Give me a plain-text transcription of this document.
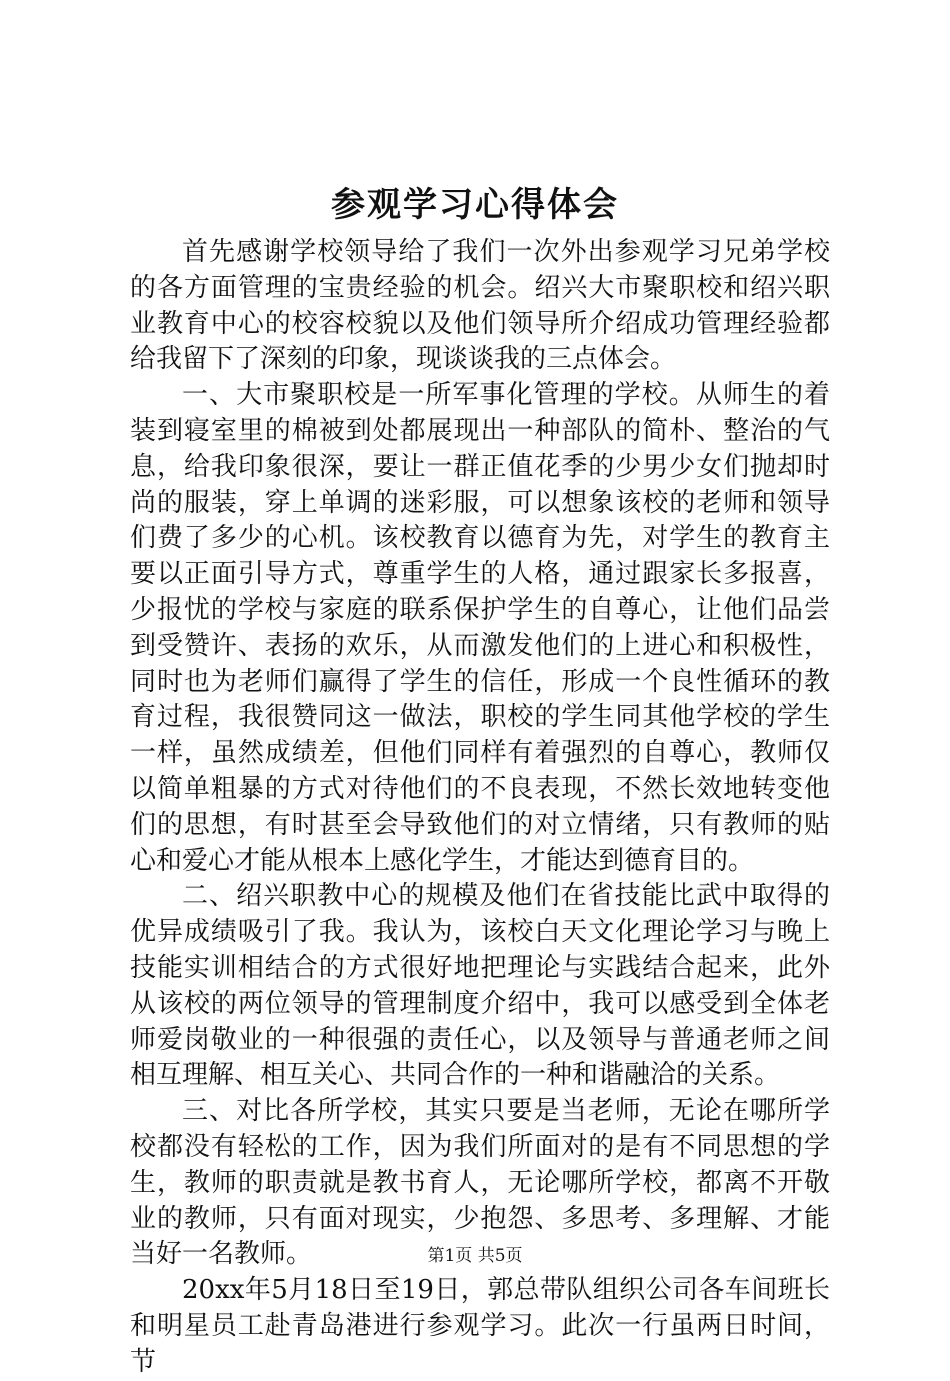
参观学习心得体会

首先感谢学校领导给了我们一次外出参观学习兄弟学校的各方面管理的宝贵经验的机会。绍兴大市聚职校和绍兴职业教育中心的校容校貌以及他们领导所介绍成功管理经验都给我留下了深刻的印象，现谈谈我的三点体会。

一、大市聚职校是一所军事化管理的学校。从师生的着装到寝室里的棉被到处都展现出一种部队的简朴、整治的气息，给我印象很深，要让一群正值花季的少男少女们抛却时尚的服装，穿上单调的迷彩服，可以想象该校的老师和领导们费了多少的心机。该校教育以德育为先，对学生的教育主要以正面引导方式，尊重学生的人格，通过跟家长多报喜，少报忧的学校与家庭的联系保护学生的自尊心，让他们品尝到受赞许、表扬的欢乐，从而激发他们的上进心和积极性，同时也为老师们赢得了学生的信任，形成一个良性循环的教育过程，我很赞同这一做法，职校的学生同其他学校的学生一样，虽然成绩差，但他们同样有着强烈的自尊心，教师仅以简单粗暴的方式对待他们的不良表现，不然长效地转变他们的思想，有时甚至会导致他们的对立情绪，只有教师的贴心和爱心才能从根本上感化学生，才能达到德育目的。

二、绍兴职教中心的规模及他们在省技能比武中取得的优异成绩吸引了我。我认为，该校白天文化理论学习与晚上技能实训相结合的方式很好地把理论与实践结合起来，此外从该校的两位领导的管理制度介绍中，我可以感受到全体老师爱岗敬业的一种很强的责任心，以及领导与普通老师之间相互理解、相互关心、共同合作的一种和谐融洽的关系。

三、对比各所学校，其实只要是当老师，无论在哪所学校都没有轻松的工作，因为我们所面对的是有不同思想的学生，教师的职责就是教书育人，无论哪所学校，都离不开敬业的教师，只有面对现实，少抱怨、多思考、多理解、才能当好一名教师。

20xx年5月18日至19日，郭总带队组织公司各车间班长和明星员工赴青岛港进行参观学习。此次一行虽两日时间，节

第1页 共5页
